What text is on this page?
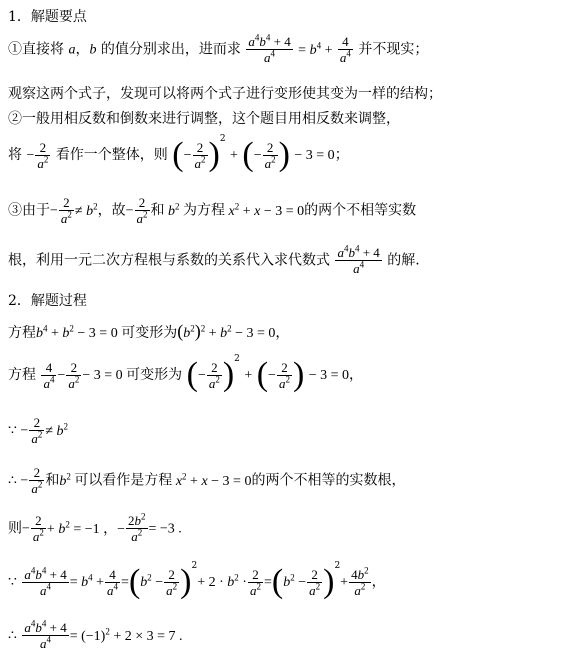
1．解题要点
①直接将 a，b 的值分别求出，进而求 $\frac{a^4b^4 + 4}{a^4} = b^4 + \frac{4}{a^4}$ 并不现实；
观察这两个式子，发现可以将两个式子进行变形使其变为一样的结构；
②一般用相反数和倒数来进行调整，这个题目用相反数来调整，
将 − $\frac{2}{a^2}$ 看作一个整体，则 (− $\frac{2}{a^2} )^2$ + (− $\frac{2}{a^2}$ ) − 3 = 0；
③由于− $\frac{2}{a^2} \ne b^2$，故− $\frac{2}{a^2}$ 和 $b^2$ 为方程 $x^2 + x - 3 = 0$的两个不相等实数
根，利用一元二次方程根与系数的关系代入求代数式 $\frac{a^4b^4 + 4}{a^4}$ 的解.
2．解题过程
方程$b^4 + b^2 - 3 = 0$ 可变形为$(b^2)^2 + b^2 - 3 = 0$，
方程 $\frac{4}{a^4} - \frac{2}{a^2} - 3 = 0$ 可变形为 (− $\frac{2}{a^2} )^2$ + (− $\frac{2}{a^2}$ ) − 3 = 0，
∵ − $\frac{2}{a^2} \ne b^2$
∴ − $\frac{2}{a^2}$ 和$b^2$ 可以看作是方程 $x^2 + x - 3 = 0$的两个不相等的实数根，
则− $\frac{2}{a^2} + b^2 = -1$ ，− $\frac{2b^2}{a^2} = -3$ .
∵ $\frac{a^4b^4 + 4}{a^4} = b^4 + \frac{4}{a^4} =(b^2 - \frac{2}{a^2} )^2+ 2 \cdot b^2 \cdot \frac{2}{a^2} =(b^2 - \frac{2}{a^2} )^2+ \frac{4b^2}{a^2}$ ，
∴ $\frac{a^4b^4 + 4}{a^4} = (-1)^2 + 2 \times 3 = 7$ .
